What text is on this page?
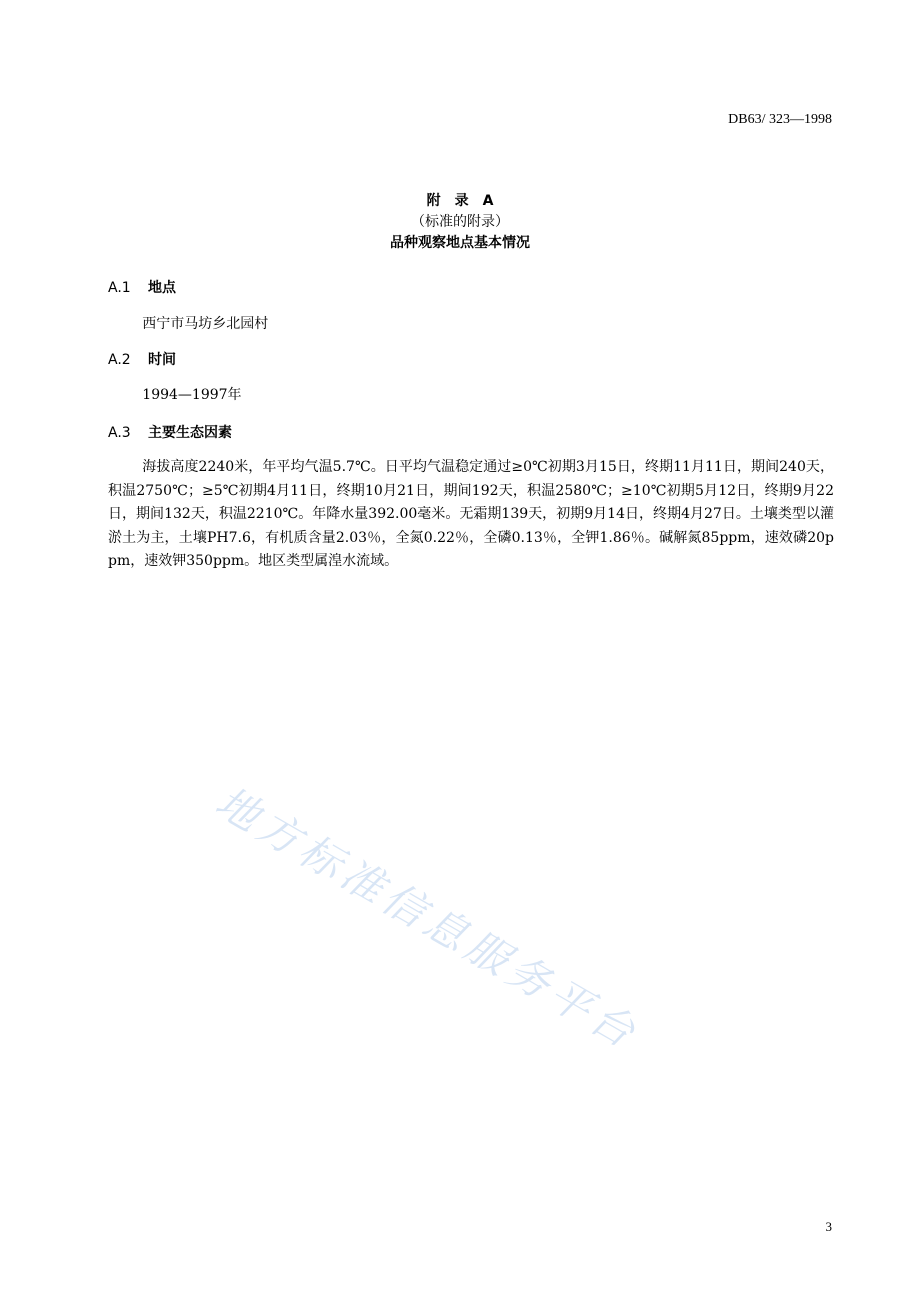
DB63/ 323—1998
附　录　A
（标准的附录）
品种观察地点基本情况
A.1 地点
西宁市马坊乡北园村
A.2 时间
1994—1997年
A.3 主要生态因素
海拔高度2240米，年平均气温5.7℃。日平均气温稳定通过≥0℃初期3月15日，终期11月11日，期间240天，积温2750℃；≥5℃初期4月11日，终期10月21日，期间192天，积温2580℃；≥10℃初期5月12日，终期9月22日，期间132天，积温2210℃。年降水量392.00毫米。无霜期139天，初期9月14日，终期4月27日。土壤类型以灌淤土为主，土壤PH7.6，有机质含量2.03％，全氮0.22％，全磷0.13％，全钾1.86％。碱解氮85ppm，速效磷20ppm，速效钾350ppm。地区类型属湟水流域。
地方标准信息服务平台
3
